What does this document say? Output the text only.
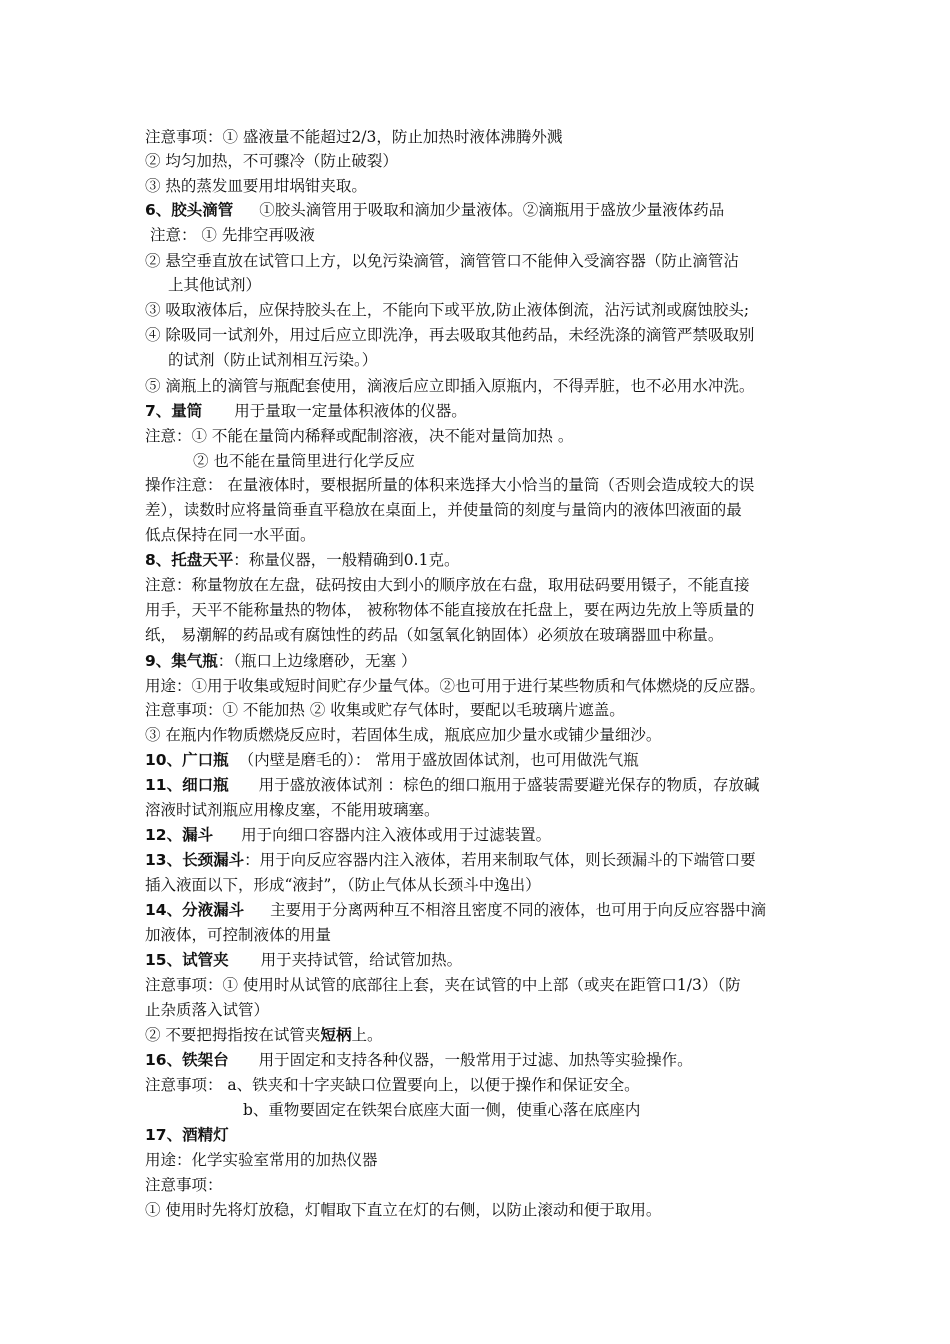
注意事项：① 盛液量不能超过2/3，防止加热时液体沸腾外溅
② 均匀加热，不可骤冷（防止破裂）
③ 热的蒸发皿要用坩埚钳夹取。
6、胶头滴管 ①胶头滴管用于吸取和滴加少量液体。②滴瓶用于盛放少量液体药品
注意： ① 先排空再吸液
② 悬空垂直放在试管口上方，以免污染滴管，滴管管口不能伸入受滴容器（防止滴管沾
上其他试剂）
③ 吸取液体后，应保持胶头在上，不能向下或平放,防止液体倒流，沾污试剂或腐蚀胶头;
④ 除吸同一试剂外，用过后应立即洗净，再去吸取其他药品，未经洗涤的滴管严禁吸取别
的试剂（防止试剂相互污染。）
⑤ 滴瓶上的滴管与瓶配套使用，滴液后应立即插入原瓶内，不得弄脏，也不必用水冲洗。
7、量筒 用于量取一定量体积液体的仪器。
注意：① 不能在量筒内稀释或配制溶液，决不能对量筒加热 。
② 也不能在量筒里进行化学反应
操作注意： 在量液体时，要根据所量的体积来选择大小恰当的量筒（否则会造成较大的误
差），读数时应将量筒垂直平稳放在桌面上，并使量筒的刻度与量筒内的液体凹液面的最
低点保持在同一水平面。
8、托盘天平：称量仪器，一般精确到0.1克。
注意：称量物放在左盘，砝码按由大到小的顺序放在右盘，取用砝码要用镊子，不能直接
用手，天平不能称量热的物体， 被称物体不能直接放在托盘上，要在两边先放上等质量的
纸， 易潮解的药品或有腐蚀性的药品（如氢氧化钠固体）必须放在玻璃器皿中称量。
9、集气瓶：（瓶口上边缘磨砂，无塞 ）
用途：①用于收集或短时间贮存少量气体。②也可用于进行某些物质和气体燃烧的反应器。
注意事项：① 不能加热 ② 收集或贮存气体时，要配以毛玻璃片遮盖。
③ 在瓶内作物质燃烧反应时，若固体生成，瓶底应加少量水或铺少量细沙。
10、广口瓶 （内壁是磨毛的）： 常用于盛放固体试剂，也可用做洗气瓶
11、细口瓶 用于盛放液体试剂 ：棕色的细口瓶用于盛装需要避光保存的物质，存放碱
溶液时试剂瓶应用橡皮塞，不能用玻璃塞。
12、漏斗 用于向细口容器内注入液体或用于过滤装置。
13、长颈漏斗：用于向反应容器内注入液体，若用来制取气体，则长颈漏斗的下端管口要
插入液面以下，形成“液封”，（防止气体从长颈斗中逸出）
14、分液漏斗 主要用于分离两种互不相溶且密度不同的液体，也可用于向反应容器中滴
加液体，可控制液体的用量
15、试管夹 用于夹持试管，给试管加热。
注意事项：① 使用时从试管的底部往上套，夹在试管的中上部（或夹在距管口1/3）（防
止杂质落入试管）
② 不要把拇指按在试管夹短柄上。
16、铁架台 用于固定和支持各种仪器，一般常用于过滤、加热等实验操作。
注意事项： a、铁夹和十字夹缺口位置要向上，以便于操作和保证安全。
b、重物要固定在铁架台底座大面一侧，使重心落在底座内
17、酒精灯
用途：化学实验室常用的加热仪器
注意事项：
① 使用时先将灯放稳，灯帽取下直立在灯的右侧，以防止滚动和便于取用。
